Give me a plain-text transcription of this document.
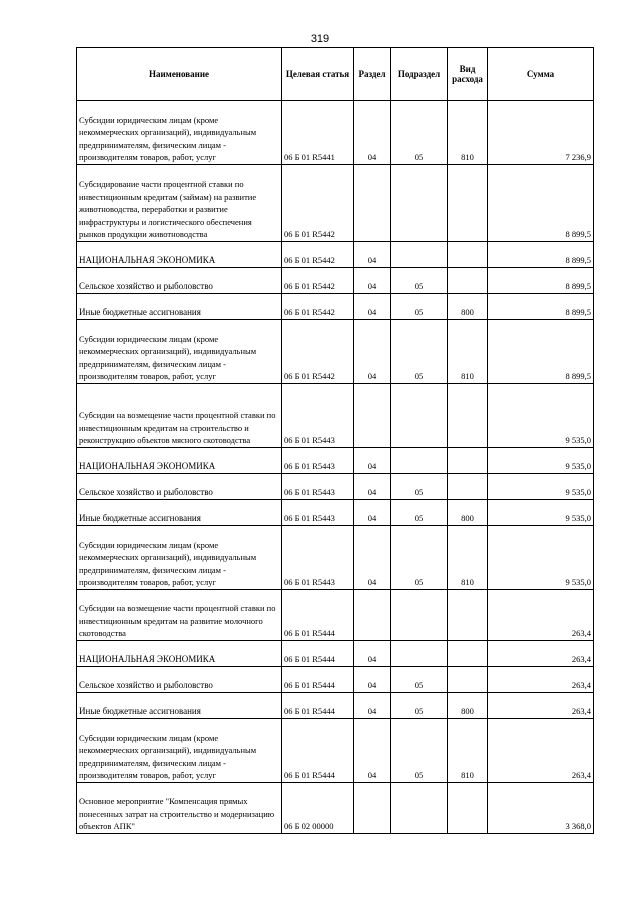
319
Наименование	Целевая статья	Раздел	Подраздел	Вид расхода	Сумма

Субсидии юридическим лицам (кроме некоммерческих организаций), индивидуальным предпринимателям, физическим лицам - производителям товаров, работ, услуг	06 Б 01 R5441	04	05	810	7 236,9

Субсидирование части процентной ставки по инвестиционным кредитам (займам) на развитие животноводства, переработки и развитие инфраструктуры и логистического обеспечения рынков продукции животноводства	06 Б 01 R5442				8 899,5

НАЦИОНАЛЬНАЯ ЭКОНОМИКА	06 Б 01 R5442	04			8 899,5

Сельское хозяйство и рыболовство	06 Б 01 R5442	04	05		8 899,5

Иные бюджетные ассигнования	06 Б 01 R5442	04	05	800	8 899,5

Субсидии юридическим лицам (кроме некоммерческих организаций), индивидуальным предпринимателям, физическим лицам - производителям товаров, работ, услуг	06 Б 01 R5442	04	05	810	8 899,5

Субсидии на возмещение части процентной ставки по инвестиционным кредитам на строительство и реконструкцию объектов мясного скотоводства	06 Б 01 R5443				9 535,0

НАЦИОНАЛЬНАЯ ЭКОНОМИКА	06 Б 01 R5443	04			9 535,0

Сельское хозяйство и рыболовство	06 Б 01 R5443	04	05		9 535,0

Иные бюджетные ассигнования	06 Б 01 R5443	04	05	800	9 535,0

Субсидии юридическим лицам (кроме некоммерческих организаций), индивидуальным предпринимателям, физическим лицам - производителям товаров, работ, услуг	06 Б 01 R5443	04	05	810	9 535,0

Субсидии на возмещение части процентной ставки по инвестиционным кредитам на развитие молочного скотоводства	06 Б 01 R5444				263,4

НАЦИОНАЛЬНАЯ ЭКОНОМИКА	06 Б 01 R5444	04			263,4

Сельское хозяйство и рыболовство	06 Б 01 R5444	04	05		263,4

Иные бюджетные ассигнования	06 Б 01 R5444	04	05	800	263,4

Субсидии юридическим лицам (кроме некоммерческих организаций), индивидуальным предпринимателям, физическим лицам - производителям товаров, работ, услуг	06 Б 01 R5444	04	05	810	263,4

Основное мероприятие "Компенсация прямых понесенных затрат на строительство и модернизацию объектов АПК"	06 Б 02 00000				3 368,0
